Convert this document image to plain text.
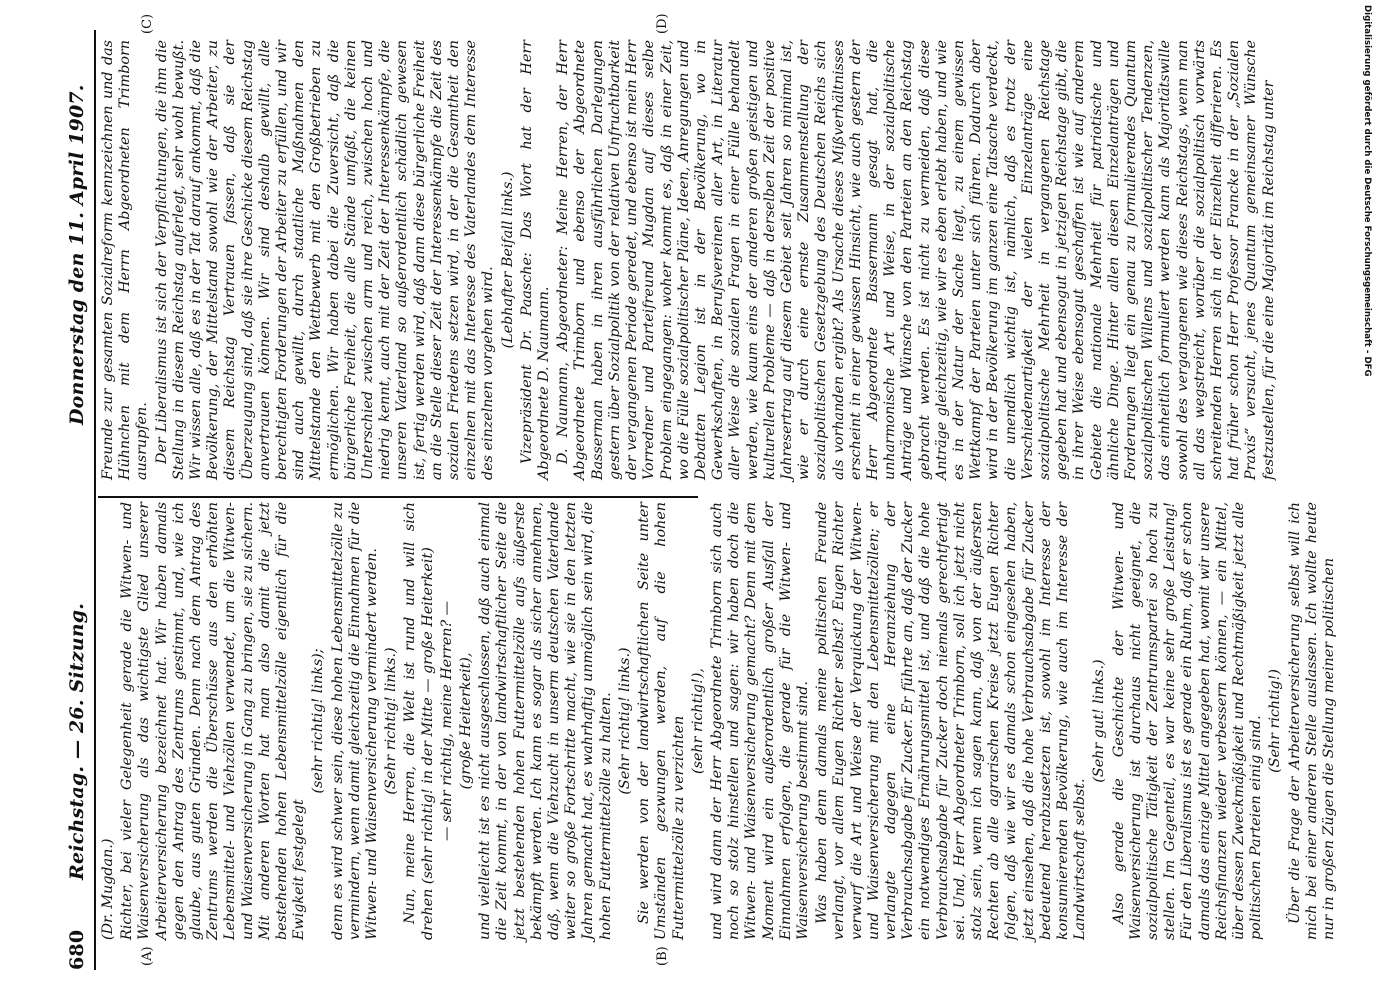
680
Reichstag. — 26. Sitzung.
Donnerstag den 11. April 1907.
(A)	(B)
(C)	(D)

(Dr. Mugdan.) Richter, bei vieler Gelegenheit gerade die Witwen- und Waisenversicherung als das wichtigste Glied unserer Arbeiterversicherung bezeichnet hat. Wir haben damals gegen den Antrag des Zentrums gestimmt, und, wie ich glaube, aus guten Gründen. Denn nach dem Antrag des Zentrums werden die Überschüsse aus den erhöhten Lebensmittel- und Viehzöllen verwendet, um die Witwen- und Waisenversicherung in Gang zu bringen, sie zu sichern. Mit anderen Worten hat man also damit die jetzt bestehenden hohen Lebensmittelzölle eigentlich für die Ewigkeit festgelegt

(sehr richtig! links); denn es wird schwer sein, diese hohen Lebensmittelzölle zu vermindern, wenn damit gleichzeitig die Einnahmen für die Witwen- und Waisenversicherung vermindert werden. (Sehr richtig! links.) Nun, meine Herren, die Welt ist rund und will sich drehen (sehr richtig! in der Mitte — große Heiterkeit) — sehr richtig, meine Herren? — (große Heiterkeit), und vielleicht ist es nicht ausgeschlossen, daß auch einmal die Zeit kommt, in der von landwirtschaftlicher Seite die jetzt bestehenden hohen Futtermittelzölle aufs äußerste bekämpft werden. Ich kann es sogar als sicher annehmen, daß, wenn die Viehzucht in unserm deutschen Vaterlande weiter so große Fortschritte macht, wie sie in den letzten Jahren gemacht hat, es wahrhaftig unmöglich sein wird, die hohen Futtermittelzölle zu halten. (Sehr richtig! links.) Sie werden von der landwirtschaftlichen Seite unter Umständen gezwungen werden, auf die hohen Futtermittelzölle zu verzichten (sehr richtig!), und wird dann der Herr Abgeordnete Trimborn sich auch noch so stolz hinstellen und sagen: wir haben doch die Witwen- und Waisenversicherung gemacht? Denn mit dem Moment wird ein außerordentlich großer Ausfall der Einnahmen erfolgen, die gerade für die Witwen- und Waisenversicherung bestimmt sind. Was haben denn damals meine politischen Freunde verlangt, vor allem Eugen Richter selbst? Eugen Richter verwarf die Art und Weise der Verquickung der Witwen- und Waisenversicherung mit den Lebensmittelzöllen; er verlangte dagegen eine Heranziehung der Verbrauchsabgabe für Zucker. Er führte an, daß der Zucker ein notwendiges Ernährungsmittel ist, und daß die hohe Verbrauchsabgabe für Zucker doch niemals gerechtfertigt sei. Und, Herr Abgeordneter Trimborn, soll ich jetzt nicht stolz sein, wenn ich sagen kann, daß von der äußersten Rechten ab alle agrarischen Kreise jetzt Eugen Richter folgen, daß wie wir es damals schon eingesehen haben, jetzt einsehen, daß die hohe Verbrauchsabgabe für Zucker bedeutend herabzusetzen ist, sowohl im Interesse der konsumierenden Bevölkerung, wie auch im Interesse der Landwirtschaft selbst.

(Sehr gut! links.) Also gerade die Geschichte der Witwen- und Waisenversicherung ist durchaus nicht geeignet, die sozialpolitische Tätigkeit der Zentrumspartei so hoch zu stellen. Im Gegenteil, es war keine sehr große Leistung! Für den Liberalismus ist es gerade ein Ruhm, daß er schon damals das einzige Mittel angegeben hat, womit wir unsere Reichsfinanzen wieder verbessern können, — ein Mittel, über dessen Zweckmäßigkeit und Rechtmäßigkeit jetzt alle politischen Parteien einig sind. (Sehr richtig!) Über die Frage der Arbeiterversicherung selbst will ich mich bei einer anderen Stelle auslassen. Ich wollte heute nur in großen Zügen die Stellung meiner politischen

Freunde zur gesamten Sozialreform kennzeichnen und das Hühnchen mit dem Herrn Abgeordneten Trimborn ausrupfen. Der Liberalismus ist sich der Verpflichtungen, die ihm die Stellung in diesem Reichstag auferlegt, sehr wohl bewußt. Wir wissen alle, daß es in der Tat darauf ankommt, daß die Bevölkerung, der Mittelstand sowohl wie der Arbeiter, zu diesem Reichstag Vertrauen fassen, daß sie der Überzeugung sind, daß sie ihre Geschicke diesem Reichstag anvertrauen können. Wir sind deshalb gewillt, alle berechtigten Forderungen der Arbeiter zu erfüllen, und wir sind auch gewillt, durch staatliche Maßnahmen den Mittelstande den Wettbewerb mit den Großbetrieben zu ermöglichen. Wir haben dabei die Zuversicht, daß die bürgerliche Freiheit, die alle Stände umfaßt, die keinen Unterschied zwischen arm und reich, zwischen hoch und niedrig kennt, auch mit der Zeit der Interessenkämpfe, die unseren Vaterland so außerordentlich schädlich gewesen ist, fertig werden wird, daß dann diese bürgerliche Freiheit an die Stelle dieser Zeit der Interessenkämpfe die Zeit des sozialen Friedens setzen wird, in der die Gesamtheit den einzelnen mit das Interesse des Vaterlandes dem Interesse des einzelnen vorgehen wird.

(Lebhafter Beifall links.) Vizepräsident Dr. Paasche: Das Wort hat der Herr Abgeordnete D. Naumann. D. Naumann, Abgeordneter: Meine Herren, der Herr Abgeordnete Trimborn und ebenso der Abgeordnete Basserman haben in ihren ausführlichen Darlegungen gestern über Sozialpolitik von der relativen Unfruchtbarkeit der vergangenen Periode geredet, und ebenso ist mein Herr Vorredner und Parteifreund Mugdan auf dieses selbe Problem eingegangen: woher kommt es, daß in einer Zeit, wo die Fülle sozialpolitischer Pläne, Ideen, Anregungen und Debatten Legion ist in der Bevölkerung, wo in Gewerkschaften, in Berufsvereinen aller Art, in Literatur aller Weise die sozialen Fragen in einer Fülle behandelt werden, wie kaum eins der anderen großen geistigen und kulturellen Probleme — daß in derselben Zeit der positive Jahresertrag auf diesem Gebiet seit Jahren so minimal ist, wie er durch eine ernste Zusammenstellung der sozialpolitischen Gesetzgebung des Deutschen Reichs sich als vorhanden ergibt? Als Ursache dieses Mißverhältnisses erscheint in einer gewissen Hinsicht, wie auch gestern der Herr Abgeordnete Bassermann gesagt hat, die unharmonische Art und Weise, in der sozialpolitische Anträge und Wünsche von den Parteien an den Reichstag gebracht werden. Es ist nicht zu vermeiden, daß diese Anträge gleichzeitig, wie wir es eben erlebt haben, und wie es in der Natur der Sache liegt, zu einem gewissen Wettkampf der Parteien unter sich führen. Dadurch aber wird in der Bevölkerung im ganzen eine Tatsache verdeckt, die unendlich wichtig ist, nämlich, daß es trotz der Verschiedenartigkeit der vielen Einzelanträge eine sozialpolitische Mehrheit in vergangenen Reichstage gegeben hat und ebensogut in jetzigen Reichstage gibt, die in ihrer Weise ebensogut geschaffen ist wie auf anderem Gebiete die nationale Mehrheit für patriotische und ähnliche Dinge. Hinter allen diesen Einzelanträgen und Forderungen liegt ein genau zu formulierendes Quantum sozialpolitischen Willens und sozialpolitischer Tendenzen, das einheitlich formuliert werden kann als Majoritätswille sowohl des vergangenen wie dieses Reichstags, wenn man all das wegstreicht, worüber die sozialpolitisch vorwärts schreitenden Herren sich in der Einzelheit differieren. Es hat früher schon Herr Professor Francke in der „Sozialen Praxis“ versucht, jenes Quantum gemeinsamer Wünsche festzustellen, für die eine Majorität im Reichstag unter	Digitalisierung gefördert durch die Deutsche Forschungsgemeinschaft - DFG
